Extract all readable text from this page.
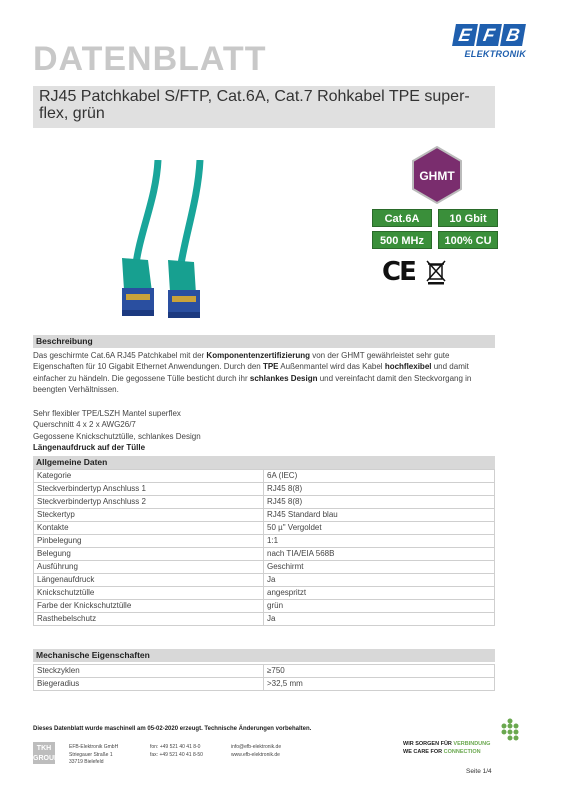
DATENBLATT
E F B
ELEKTRONIK
RJ45 Patchkabel S/FTP, Cat.6A, Cat.7 Rohkabel TPE super-flex, grün
GHMT
Cat.6A	10 Gbit
500 MHz	100% CU
CE
Beschreibung
Das geschirmte Cat.6A RJ45 Patchkabel mit der Komponentenzertifizierung von der GHMT gewährleistet sehr gute Eigenschaften für 10 Gigabit Ethernet Anwendungen. Durch den TPE Außenmantel wird das Kabel hochflexibel und damit einfacher zu händeln. Die gegossene Tülle besticht durch ihr schlankes Design und vereinfacht damit den Steckvorgang in beengten Verhältnissen.
Sehr flexibler TPE/LSZH Mantel superflex
Querschnitt 4 x 2 x AWG26/7
Gegossene Knickschutztülle, schlankes Design
Längenaufdruck auf der Tülle
Allgemeine Daten
Kategorie	6A (IEC)
Steckverbindertyp Anschluss 1	RJ45 8(8)
Steckverbindertyp Anschluss 2	RJ45 8(8)
Steckertyp	RJ45 Standard blau
Kontakte	50 µ" Vergoldet
Pinbelegung	1:1
Belegung	nach TIA/EIA 568B
Ausführung	Geschirmt
Längenaufdruck	Ja
Knickschutztülle	angespritzt
Farbe der Knickschutztülle	grün
Rasthebelschutz	Ja
Mechanische Eigenschaften
Steckzyklen	≥750
Biegeradius	>32,5 mm
Dieses Datenblatt wurde maschinell am 05-02-2020 erzeugt. Technische Änderungen vorbehalten.
TKH GROUP
EFB-Elektronik GmbH
Striegauer Straße 1
33719 Bielefeld
fon: +49 521 40 41 8-0
fax: +49 521 40 41 8-50
info@efb-elektronik.de
www.efb-elektronik.de
WIR SORGEN FÜR VERBINDUNG
WE CARE FOR CONNECTION
Seite 1/4
